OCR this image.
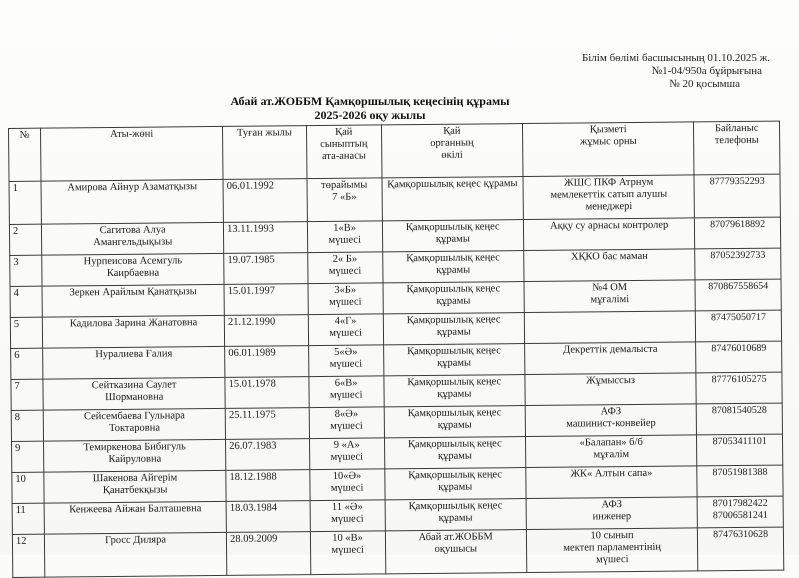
Білім бөлімі басшысының 01.10.2025 ж.
№1-04/950а бұйрығына
№ 20 қосымша
Абай ат.ЖОББМ Қамқоршылық кеңесінің құрамы
2025-2026 оқу жылы
№	Аты-жөні	Туған жылы	Қай
сыныптың
ата-анасы	Қай
органның
өкілі	Қызметі
жұмыс орны	Байланыс
телефоны
1	Амирова Айнур Азаматқызы	06.01.1992	төрайымы
7 «Б»	Қамқоршылық кеңес құрамы	ЖШС ПКФ Атрнум
мемлекеттік сатып алушы
менеджері	87779352293
2	Сагитова Алуа
Амангельдықызы	13.11.1993	1«В»
мүшесі	Қамқоршылық кеңес
құрамы	Аққу су арнасы контролер	87079618892
3	Нурпеисова Асемгуль
Каирбаевна	19.07.1985	2« Б»
мүшесі	Қамқоршылық кеңес
құрамы	ХҚКО бас маман	87052392733
4	Зеркен Арайлым Қанатқызы	15.01.1997	3«Б»
мүшесі	Қамқоршылық кеңес
құрамы	№4 ОМ
мұғалімі	870867558654
5	Кадилова Зарина Жанатовна	21.12.1990	4«Г»
мүшесі	Қамқоршылық кеңес
құрамы		87475050717
6	Нуралиева Ғалия	06.01.1989	5«Ә»
мүшесі	Қамқоршылық кеңес
құрамы	Декреттік демалыста	87476010689
7	Сейтказина Саулет
Шормановна	15.01.1978	6«В»
мүшесі	Қамқоршылық кеңес
құрамы	Жұмыссыз	87776105275
8	Сейсембаева Гульнара
Токтаровна	25.11.1975	8«Ә»
мүшесі	Қамқоршылық кеңес
құрамы	АФЗ
машинист-конвейер	87081540528
9	Темиркенова Бибигуль
Кайруловна	26.07.1983	9 «А»
мүшесі	Қамқоршылық кеңес
құрамы	«Балапан» б/б
мұғалім	87053411101
10	Шакенова Айгерім
Қанатбекқызы	18.12.1988	10«Ә»
мүшесі	Қамқоршылық кеңес
құрамы	ЖК« Алтын сапа»	87051981388
11	Кенжеева Айжан Балташевна	18.03.1984	11 «Ә»
мүшесі	Қамқоршылық кеңес
құрамы	АФЗ
инженер	87017982422
87006581241
12	Гросс Диляра	28.09.2009	10 «В»
мүшесі	Абай ат.ЖОББМ
оқушысы	10 сынып
мектеп парламентінің
мүшесі	87476310628
